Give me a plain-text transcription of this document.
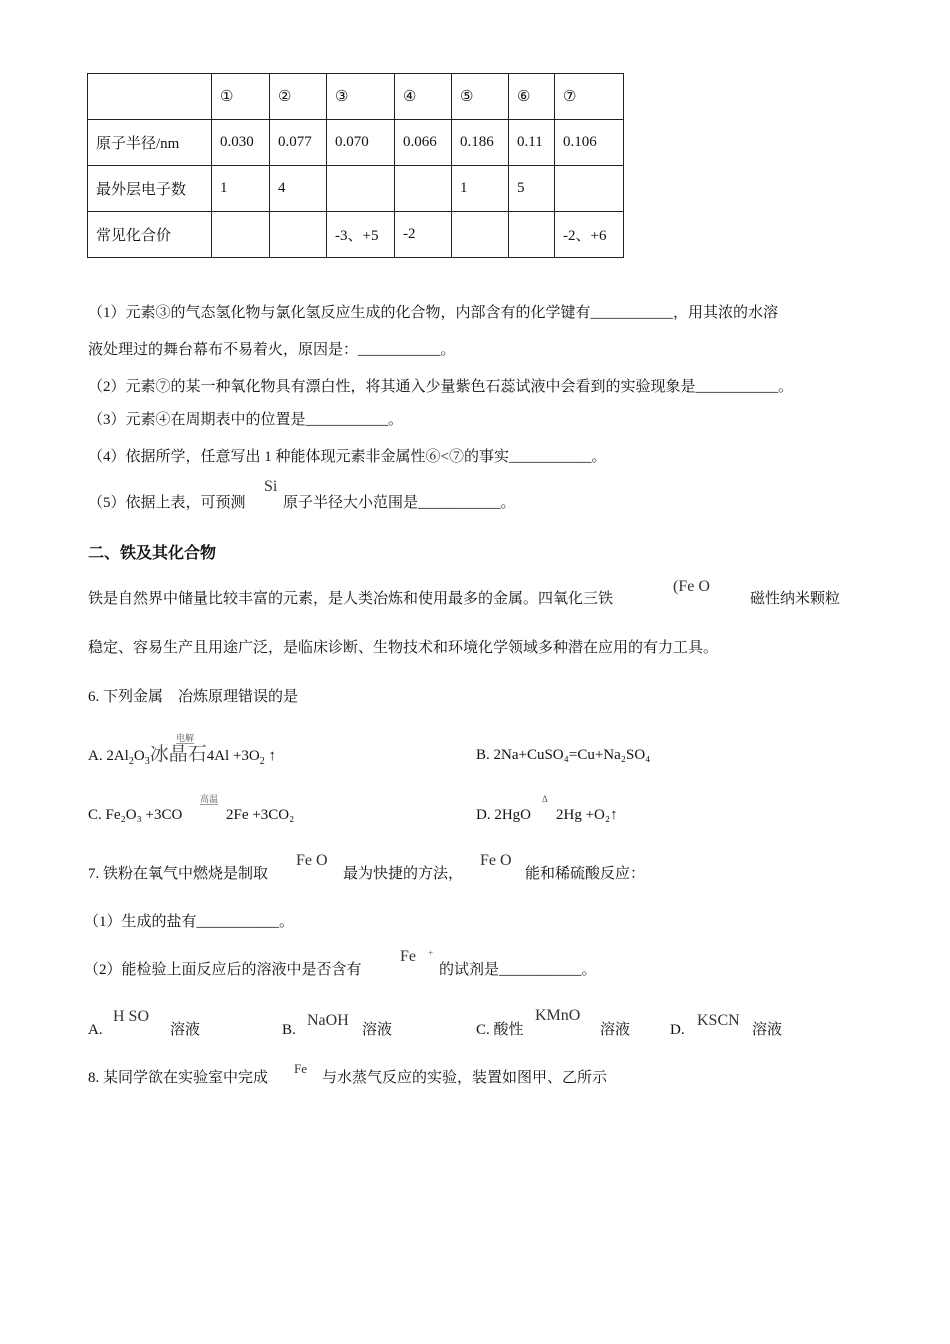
	①	②	③	④	⑤	⑥	⑦
原子半径/nm	0.030	0.077	0.070	0.066	0.186	0.11	0.106
最外层电子数	1	4			1	5	
常见化合价			-3、+5	-2			-2、+6
（1）元素③的气态氢化物与氯化氢反应生成的化合物，内部含有的化学键有___________，用其浓的水溶
液处理过的舞台幕布不易着火，原因是：___________。
（2）元素⑦的某一种氧化物具有漂白性，将其通入少量紫色石蕊试液中会看到的实验现象是___________。
（3）元素④在周期表中的位置是___________。
（4）依据所学，任意写出 1 种能体现元素非金属性⑥<⑦的事实___________。
（5）依据上表，可预测
Si
原子半径大小范围是___________。
二、铁及其化合物
铁是自然界中储量比较丰富的元素，是人类冶炼和使用最多的金属。四氧化三铁
(Fe O
磁性纳米颗粒
稳定、容易生产且用途广泛，是临床诊断、生物技术和环境化学领域多种潜在应用的有力工具。
6. 下列金属　冶炼原理错误的是
A. $2Al_2O_3$冰晶石$4Al +3O_2$ ↑
电解
B. 2Na+CuSO₄=Cu+Na₂SO₄
C. Fe₂O₃ +3CO
高温
2Fe +3CO₂	D. 2HgO
Δ
2Hg +O₂↑
7. 铁粉在氧气中燃烧是制取
Fe O
最为快捷的方法，
Fe O
能和稀硫酸反应：
（1）生成的盐有___________。
（2）能检验上面反应后的溶液中是否含有
Fe +
的试剂是___________。
A.
H SO
溶液	B.
NaOH
溶液	C. 酸性
KMnO
溶液	D.
KSCN
溶液
8. 某同学欲在实验室中完成
Fe
与水蒸气反应的实验，装置如图甲、乙所示
